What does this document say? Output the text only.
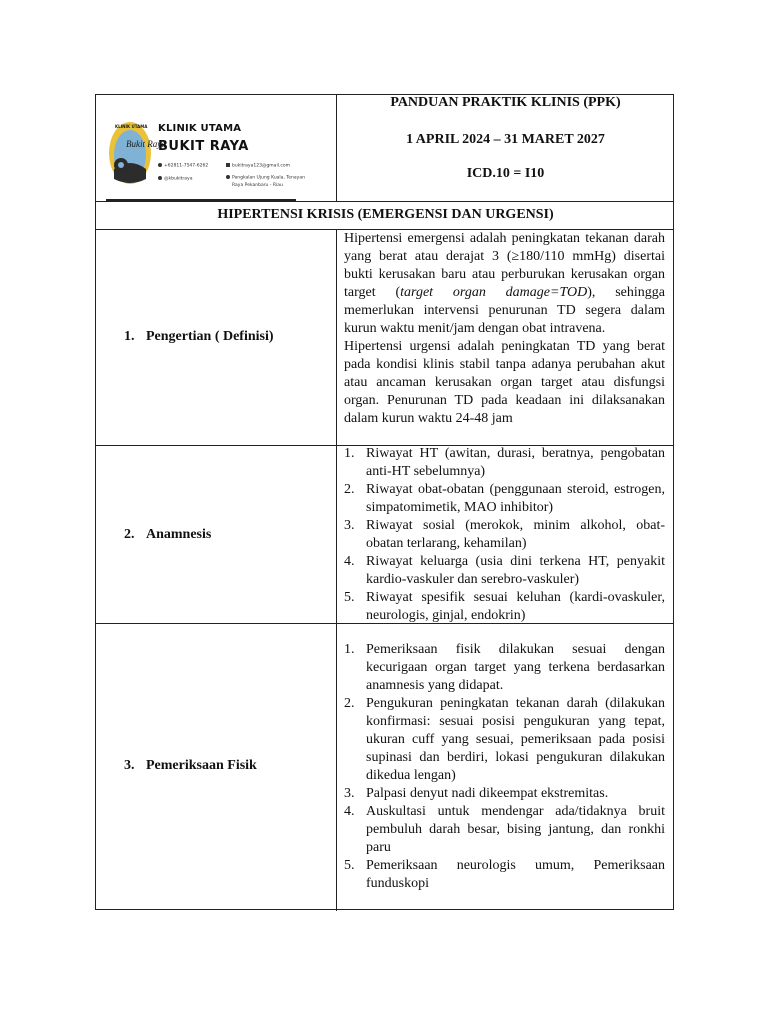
Bukit Raya
KLINIK UTAMA KLINIK UTAMA
BUKIT RAYA
+62811-7547-6262
@kbukitraya
bukitraya123@gmail.com
Pangkalan Ujung Kuala, Tenayan
Raya Pekanbaru - Riau
PANDUAN PRAKTIK KLINIS (PPK)
1 APRIL 2024 – 31 MARET 2027
ICD.10 = I10
HIPERTENSI KRISIS (EMERGENSI DAN URGENSI)
1. Pengertian ( Definisi)

Hipertensi emergensi adalah peningkatan tekanan darah yang berat atau derajat 3 (≥180/110 mmHg) disertai bukti kerusakan baru atau perburukan kerusakan organ target (target organ damage=TOD), sehingga memerlukan intervensi penurunan TD segera dalam kurun waktu menit/jam dengan obat intravena.

Hipertensi urgensi adalah peningkatan TD yang berat pada kondisi klinis stabil tanpa adanya perubahan akut atau ancaman kerusakan organ target atau disfungsi organ. Penurunan TD pada keadaan ini dilaksanakan dalam kurun waktu 24-48 jam

2. Anamnesis
1. Riwayat HT (awitan, durasi, beratnya, pengobatan anti-HT sebelumnya)
2. Riwayat obat-obatan (penggunaan steroid, estrogen, simpatomimetik, MAO inhibitor)
3. Riwayat sosial (merokok, minim alkohol, obat-obatan terlarang, kehamilan)
4. Riwayat keluarga (usia dini terkena HT, penyakit kardio-vaskuler dan serebro-vaskuler)
5. Riwayat spesifik sesuai keluhan (kardi-ovaskuler, neurologis, ginjal, endokrin)
3. Pemeriksaan Fisik
1. Pemeriksaan fisik dilakukan sesuai dengan kecurigaan organ target yang terkena berdasarkan anamnesis yang didapat.
2. Pengukuran peningkatan tekanan darah (dilakukan konfirmasi: sesuai posisi pengukuran yang tepat, ukuran cuff yang sesuai, pemeriksaan pada posisi supinasi dan berdiri, lokasi pengukuran dilakukan dikedua lengan)
3. Palpasi denyut nadi dikeempat ekstremitas.
4. Auskultasi untuk mendengar ada/tidaknya bruit pembuluh darah besar, bising jantung, dan ronkhi paru
5. Pemeriksaan neurologis umum, Pemeriksaan funduskopi
